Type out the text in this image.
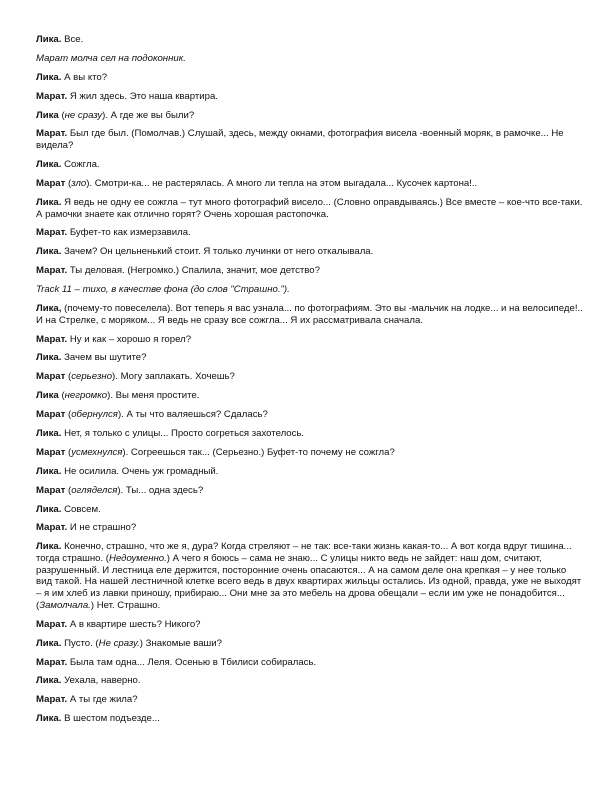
Лика. Все.

Марат молча сел на подоконник.

Лика. А вы кто?

Марат. Я жил здесь. Это наша квартира.

Лика (не сразу). А где же вы были?

Марат. Был где был. (Помолчав.) Слушай, здесь, между окнами, фотография висела -военный моряк, в рамочке... Не видела?

Лика. Сожгла.

Марат (зло). Смотри-ка... не растерялась. А много ли тепла на этом выгадала... Кусочек картона!..

Лика. Я ведь не одну ее сожгла – тут много фотографий висело... (Словно оправдываясь.) Все вместе – кое-что все-таки. А рамочки знаете как отлично горят? Очень хорошая растопочка.

Марат. Буфет-то как измерзавила.

Лика. Зачем? Он цельненький стоит. Я только лучинки от него откалывала.

Марат. Ты деловая. (Негромко.) Спалила, значит, мое детство?

Track 11 – тихо, в качестве фона (до слов "Страшно.").

Лика, (почему-то повеселела). Вот теперь я вас узнала... по фотографиям. Это вы -мальчик на лодке... и на велосипеде!.. И на Стрелке, с моряком... Я ведь не сразу все сожгла... Я их рассматривала сначала.

Марат. Ну и как – хорошо я горел?

Лика. Зачем вы шутите?

Марат (серьезно). Могу заплакать. Хочешь?

Лика (негромко). Вы меня простите.

Марат (обернулся). А ты что валяешься? Сдалась?

Лика. Нет, я только с улицы... Просто согреться захотелось.

Марат (усмехнулся). Согреешься так... (Серьезно.) Буфет-то почему не сожгла?

Лика. Не осилила. Очень уж громадный.

Марат (огляделся). Ты... одна здесь?

Лика. Совсем.

Марат. И не страшно?

Лика. Конечно, страшно, что же я, дура? Когда стреляют – не так: все-таки жизнь какая-то... А вот когда вдруг тишина... тогда страшно. (Недоуменно.) А чего я боюсь – сама не знаю... С улицы никто ведь не зайдет: наш дом, считают, разрушенный. И лестница еле держится, посторонние очень опасаются... А на самом деле она крепкая – у нее только вид такой. На нашей лестничной клетке всего ведь в двух квартирах жильцы остались. Из одной, правда, уже не выходят – я им хлеб из лавки приношу, прибираю... Они мне за это мебель на дрова обещали – если им уже не понадобится... (Замолчала.) Нет. Страшно.

Марат. А в квартире шесть? Никого?

Лика. Пусто. (Не сразу.) Знакомые ваши?

Марат. Была там одна... Леля. Осенью в Тбилиси собиралась.

Лика. Уехала, наверно.

Марат. А ты где жила?

Лика. В шестом подъезде...
